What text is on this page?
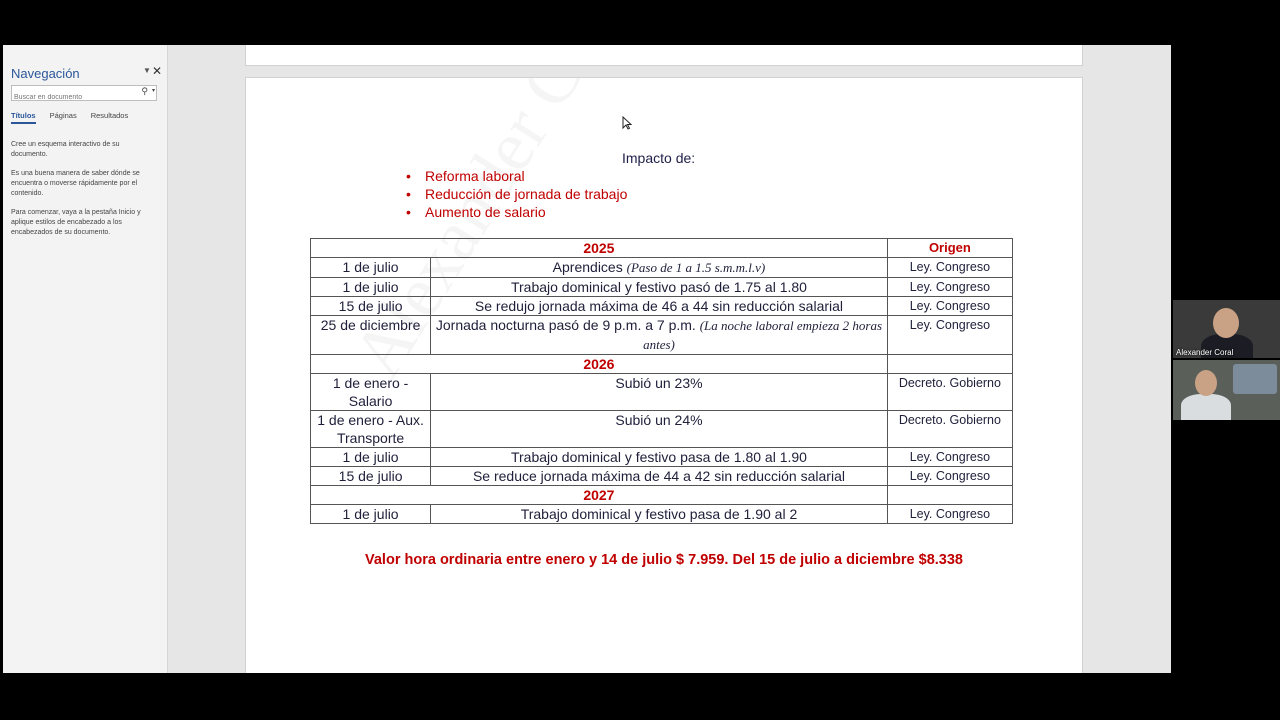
Navegación	▼ ✕
Buscar en documento
⚲ ▾
Títulos Páginas Resultados

Cree un esquema interactivo de su documento.

Es una buena manera de saber dónde se encuentra o moverse rápidamente por el contenido.

Para comenzar, vaya a la pestaña Inicio y aplique estilos de encabezado a los encabezados de su documento.

Impacto de:
• Reforma laboral
• Reducción de jornada de trabajo
• Aumento de salario
2025		Origen
1 de julio	Aprendices (Paso de 1 a 1.5 s.m.m.l.v)	Ley. Congreso
1 de julio	Trabajo dominical y festivo pasó de 1.75 al 1.80	Ley. Congreso
15 de julio	Se redujo jornada máxima de 46 a 44 sin reducción salarial	Ley. Congreso
25 de diciembre	Jornada nocturna pasó de 9 p.m. a 7 p.m. (La noche laboral empieza 2 horas antes)	Ley. Congreso
2026		
1 de enero - Salario	Subió un 23%	Decreto. Gobierno
1 de enero - Aux. Transporte	Subió un 24%	Decreto. Gobierno
1 de julio	Trabajo dominical y festivo pasa de 1.80 al 1.90	Ley. Congreso
15 de julio	Se reduce jornada máxima de 44 a 42 sin reducción salarial	Ley. Congreso
2027		
1 de julio	Trabajo dominical y festivo pasa de 1.90 al 2	Ley. Congreso
Valor hora ordinaria entre enero y 14 de julio $ 7.959. Del 15 de julio a diciembre $8.338
Alexander Coral
